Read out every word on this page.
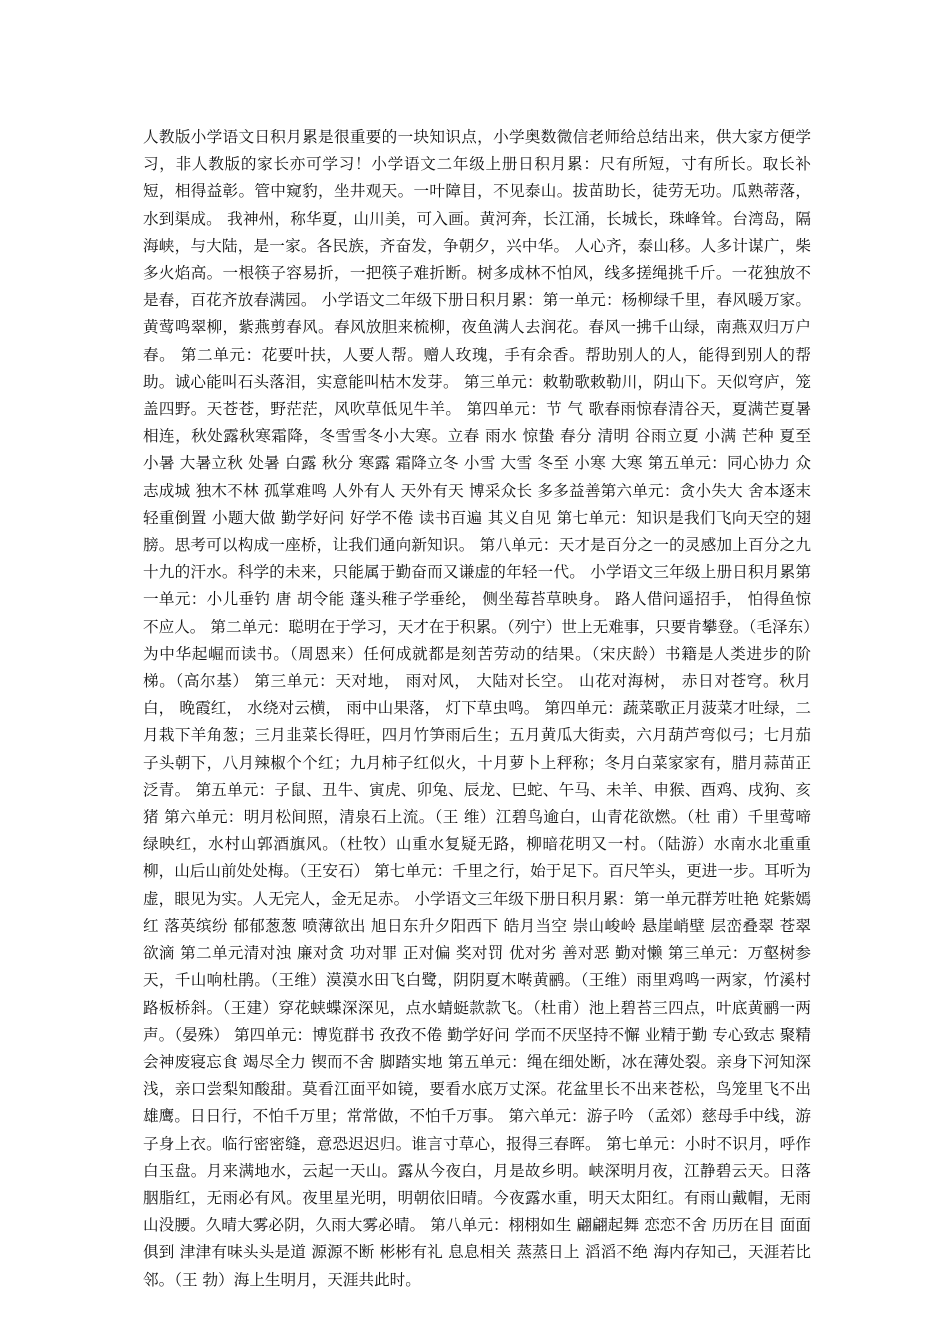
人教版小学语文日积月累是很重要的一块知识点，小学奥数微信老师给总结出来，供大家方便学习，非人教版的家长亦可学习！小学语文二年级上册日积月累：尺有所短，寸有所长。取长补短，相得益彰。管中窥豹，坐井观天。一叶障目，不见泰山。拔苗助长，徒劳无功。瓜熟蒂落，水到渠成。 我神州，称华夏，山川美，可入画。黄河奔，长江涌，长城长，珠峰耸。台湾岛，隔海峡，与大陆，是一家。各民族，齐奋发，争朝夕，兴中华。 人心齐，泰山移。人多计谋广，柴多火焰高。一根筷子容易折，一把筷子难折断。树多成林不怕风，线多搓绳挑千斤。一花独放不是春，百花齐放春满园。 小学语文二年级下册日积月累：第一单元：杨柳绿千里，春风暖万家。黄莺鸣翠柳，紫燕剪春风。春风放胆来梳柳，夜鱼满人去润花。春风一拂千山绿，南燕双归万户春。 第二单元：花要叶扶，人要人帮。赠人玫瑰，手有余香。帮助别人的人，能得到别人的帮助。诚心能叫石头落泪，实意能叫枯木发芽。 第三单元：敕勒歌敕勒川，阴山下。天似穹庐，笼盖四野。天苍苍，野茫茫，风吹草低见牛羊。 第四单元：节 气 歌春雨惊春清谷天，夏满芒夏暑相连，秋处露秋寒霜降，冬雪雪冬小大寒。立春 雨水 惊蛰 春分 清明 谷雨立夏 小满 芒种 夏至 小暑 大暑立秋 处暑 白露 秋分 寒露 霜降立冬 小雪 大雪 冬至 小寒 大寒 第五单元：同心协力 众志成城 独木不林 孤掌难鸣 人外有人 天外有天 博采众长 多多益善第六单元：贪小失大 舍本逐末 轻重倒置 小题大做 勤学好问 好学不倦 读书百遍 其义自见 第七单元：知识是我们飞向天空的翅膀。思考可以构成一座桥，让我们通向新知识。 第八单元：天才是百分之一的灵感加上百分之九十九的汗水。科学的未来，只能属于勤奋而又谦虚的年轻一代。 小学语文三年级上册日积月累第一单元：小儿垂钓 唐 胡令能 蓬头稚子学垂纶， 侧坐莓苔草映身。 路人借问遥招手， 怕得鱼惊不应人。 第二单元：聪明在于学习，天才在于积累。（列宁）世上无难事，只要肯攀登。（毛泽东）为中华起崛而读书。（周恩来）任何成就都是刻苦劳动的结果。（宋庆龄）书籍是人类进步的阶梯。（高尔基） 第三单元：天对地， 雨对风， 大陆对长空。 山花对海树， 赤日对苍穹。秋月白， 晚霞红， 水绕对云横， 雨中山果落， 灯下草虫鸣。 第四单元：蔬菜歌正月菠菜才吐绿，二月栽下羊角葱；三月韭菜长得旺，四月竹笋雨后生；五月黄瓜大街卖，六月葫芦弯似弓；七月茄子头朝下，八月辣椒个个红；九月柿子红似火，十月萝卜上秤称；冬月白菜家家有，腊月蒜苗正泛青。 第五单元：子鼠、丑牛、寅虎、卯兔、辰龙、巳蛇、午马、未羊、申猴、酉鸡、戌狗、亥猪 第六单元：明月松间照，清泉石上流。（王 维）江碧鸟逾白，山青花欲燃。（杜 甫）千里莺啼绿映红，水村山郭酒旗风。（杜牧）山重水复疑无路，柳暗花明又一村。（陆游）水南水北重重柳，山后山前处处梅。（王安石） 第七单元：千里之行，始于足下。百尺竿头，更进一步。耳听为虚，眼见为实。人无完人，金无足赤。 小学语文三年级下册日积月累：第一单元群芳吐艳 姹紫嫣红 落英缤纷 郁郁葱葱 喷薄欲出 旭日东升夕阳西下 皓月当空 崇山峻岭 悬崖峭壁 层峦叠翠 苍翠欲滴 第二单元清对浊 廉对贪 功对罪 正对偏 奖对罚 优对劣 善对恶 勤对懒 第三单元：万壑树参天，千山响杜鹃。（王维）漠漠水田飞白鹭，阴阴夏木啭黄鹂。（王维）雨里鸡鸣一两家，竹溪村路板桥斜。（王建）穿花蛱蝶深深见，点水蜻蜓款款飞。（杜甫）池上碧苔三四点，叶底黄鹂一两声。（晏殊） 第四单元：博览群书 孜孜不倦 勤学好问 学而不厌坚持不懈 业精于勤 专心致志 聚精会神废寝忘食 竭尽全力 锲而不舍 脚踏实地 第五单元：绳在细处断，冰在薄处裂。亲身下河知深浅，亲口尝梨知酸甜。莫看江面平如镜，要看水底万丈深。花盆里长不出来苍松，鸟笼里飞不出雄鹰。日日行，不怕千万里；常常做，不怕千万事。 第六单元：游子吟 （孟郊）慈母手中线，游子身上衣。临行密密缝，意恐迟迟归。谁言寸草心，报得三春晖。 第七单元：小时不识月，呼作白玉盘。月来满地水，云起一天山。露从今夜白，月是故乡明。峡深明月夜，江静碧云天。日落胭脂红，无雨必有风。夜里星光明，明朝依旧晴。今夜露水重，明天太阳红。有雨山戴帽，无雨山没腰。久晴大雾必阴，久雨大雾必晴。 第八单元：栩栩如生 翩翩起舞 恋恋不舍 历历在目 面面俱到 津津有味头头是道 源源不断 彬彬有礼 息息相关 蒸蒸日上 滔滔不绝 海内存知己，天涯若比邻。（王 勃）海上生明月，天涯共此时。
